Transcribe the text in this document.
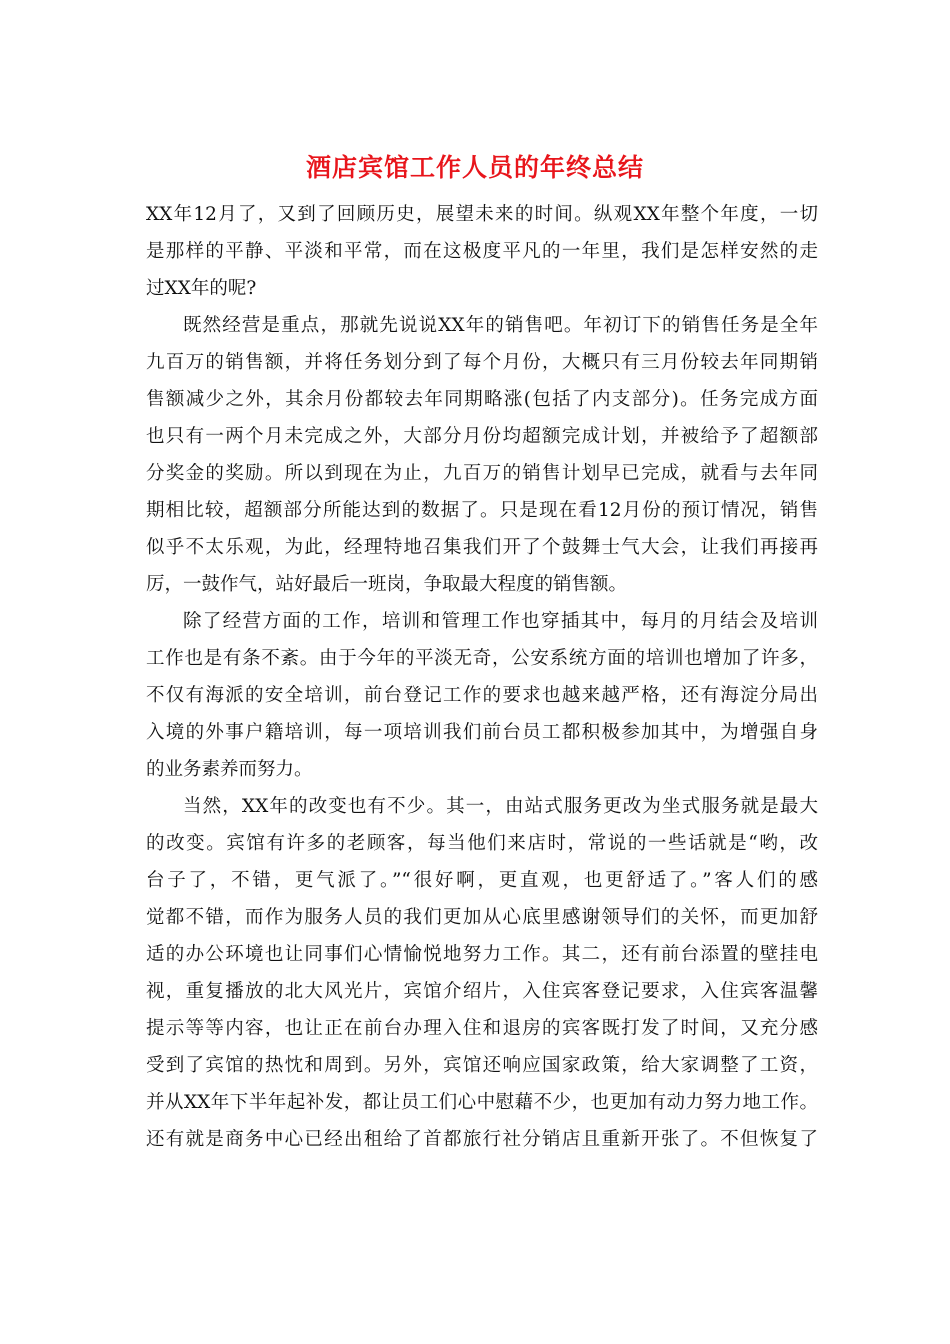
酒店宾馆工作人员的年终总结
XX年12月了，又到了回顾历史，展望未来的时间。纵观XX年整个年度，一切
是那样的平静、平淡和平常，而在这极度平凡的一年里，我们是怎样安然的走
过XX年的呢?
既然经营是重点，那就先说说XX年的销售吧。年初订下的销售任务是全年
九百万的销售额，并将任务划分到了每个月份，大概只有三月份较去年同期销
售额减少之外，其余月份都较去年同期略涨(包括了内支部分)。任务完成方面
也只有一两个月未完成之外，大部分月份均超额完成计划，并被给予了超额部
分奖金的奖励。所以到现在为止，九百万的销售计划早已完成，就看与去年同
期相比较，超额部分所能达到的数据了。只是现在看12月份的预订情况，销售
似乎不太乐观，为此，经理特地召集我们开了个鼓舞士气大会，让我们再接再
厉，一鼓作气，站好最后一班岗，争取最大程度的销售额。
除了经营方面的工作，培训和管理工作也穿插其中，每月的月结会及培训
工作也是有条不紊。由于今年的平淡无奇，公安系统方面的培训也增加了许多，
不仅有海派的安全培训，前台登记工作的要求也越来越严格，还有海淀分局出
入境的外事户籍培训，每一项培训我们前台员工都积极参加其中，为增强自身
的业务素养而努力。
当然，XX年的改变也有不少。其一，由站式服务更改为坐式服务就是最大
的改变。宾馆有许多的老顾客，每当他们来店时，常说的一些话就是“哟，改
台子了，不错，更气派了。”“很好啊，更直观，也更舒适了。”客人们的感
觉都不错，而作为服务人员的我们更加从心底里感谢领导们的关怀，而更加舒
适的办公环境也让同事们心情愉悦地努力工作。其二，还有前台添置的壁挂电
视，重复播放的北大风光片，宾馆介绍片，入住宾客登记要求，入住宾客温馨
提示等等内容，也让正在前台办理入住和退房的宾客既打发了时间，又充分感
受到了宾馆的热忱和周到。另外，宾馆还响应国家政策，给大家调整了工资，
并从XX年下半年起补发，都让员工们心中慰藉不少，也更加有动力努力地工作。
还有就是商务中心已经出租给了首都旅行社分销店且重新开张了。不但恢复了
